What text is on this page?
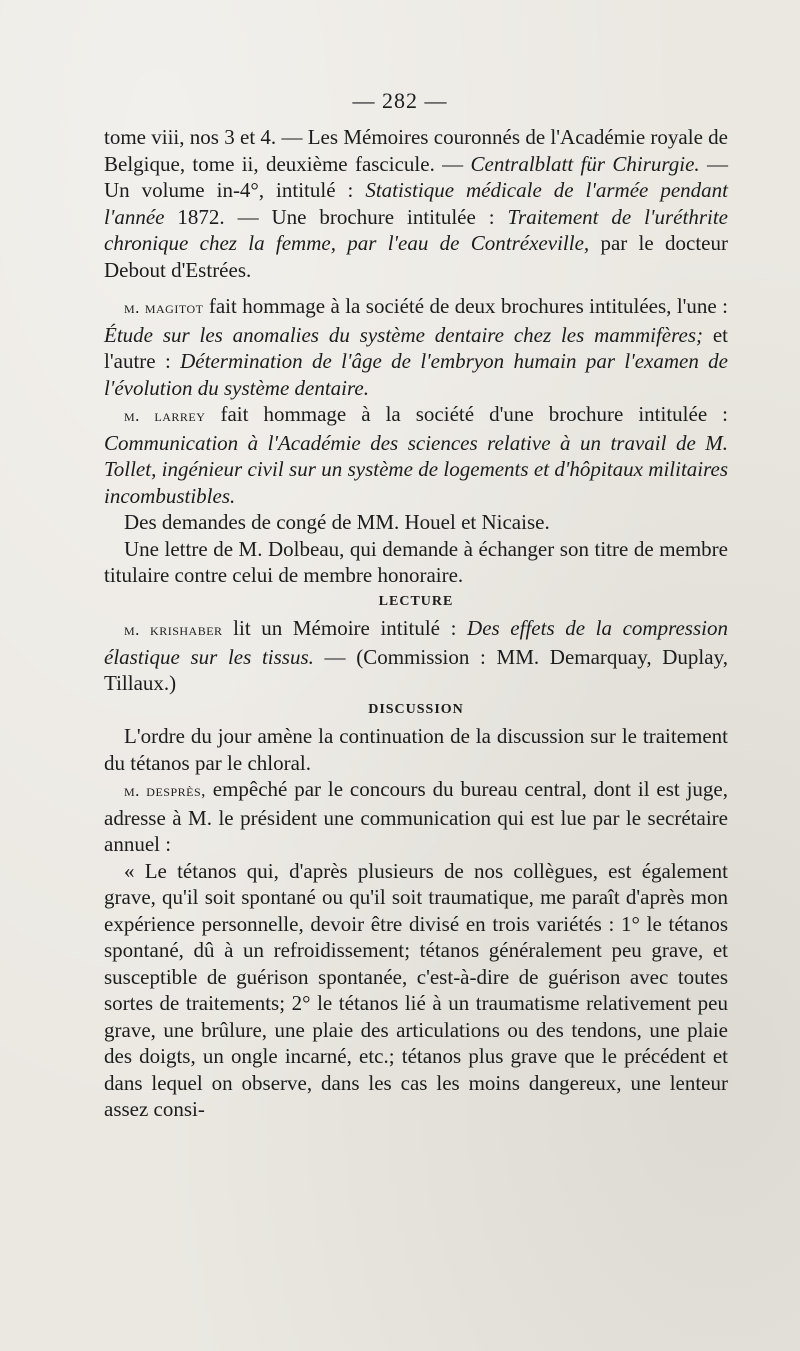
— 282 —

tome viii, nos 3 et 4. — Les Mémoires couronnés de l'Académie royale de Belgique, tome ii, deuxième fascicule. — Centralblatt für Chirurgie. — Un volume in-4°, intitulé : Statistique médicale de l'armée pendant l'année 1872. — Une brochure intitulée : Traitement de l'uréthrite chronique chez la femme, par l'eau de Contréxeville, par le docteur Debout d'Estrées.

m. magitot fait hommage à la société de deux brochures intitulées, l'une : Étude sur les anomalies du système dentaire chez les mammifères; et l'autre : Détermination de l'âge de l'embryon humain par l'examen de l'évolution du système dentaire.

m. larrey fait hommage à la société d'une brochure intitulée : Communication à l'Académie des sciences relative à un travail de M. Tollet, ingénieur civil sur un système de logements et d'hôpitaux militaires incombustibles.

Des demandes de congé de MM. Houel et Nicaise.

Une lettre de M. Dolbeau, qui demande à échanger son titre de membre titulaire contre celui de membre honoraire.

LECTURE

m. krishaber lit un Mémoire intitulé : Des effets de la compression élastique sur les tissus. — (Commission : MM. Demarquay, Duplay, Tillaux.)

DISCUSSION

L'ordre du jour amène la continuation de la discussion sur le traitement du tétanos par le chloral.

m. desprès, empêché par le concours du bureau central, dont il est juge, adresse à M. le président une communication qui est lue par le secrétaire annuel :

« Le tétanos qui, d'après plusieurs de nos collègues, est également grave, qu'il soit spontané ou qu'il soit traumatique, me paraît d'après mon expérience personnelle, devoir être divisé en trois variétés : 1° le tétanos spontané, dû à un refroidissement; tétanos généralement peu grave, et susceptible de guérison spontanée, c'est-à-dire de guérison avec toutes sortes de traitements; 2° le tétanos lié à un traumatisme relativement peu grave, une brûlure, une plaie des articulations ou des tendons, une plaie des doigts, un ongle incarné, etc.; tétanos plus grave que le précédent et dans lequel on observe, dans les cas les moins dangereux, une lenteur assez consi-
